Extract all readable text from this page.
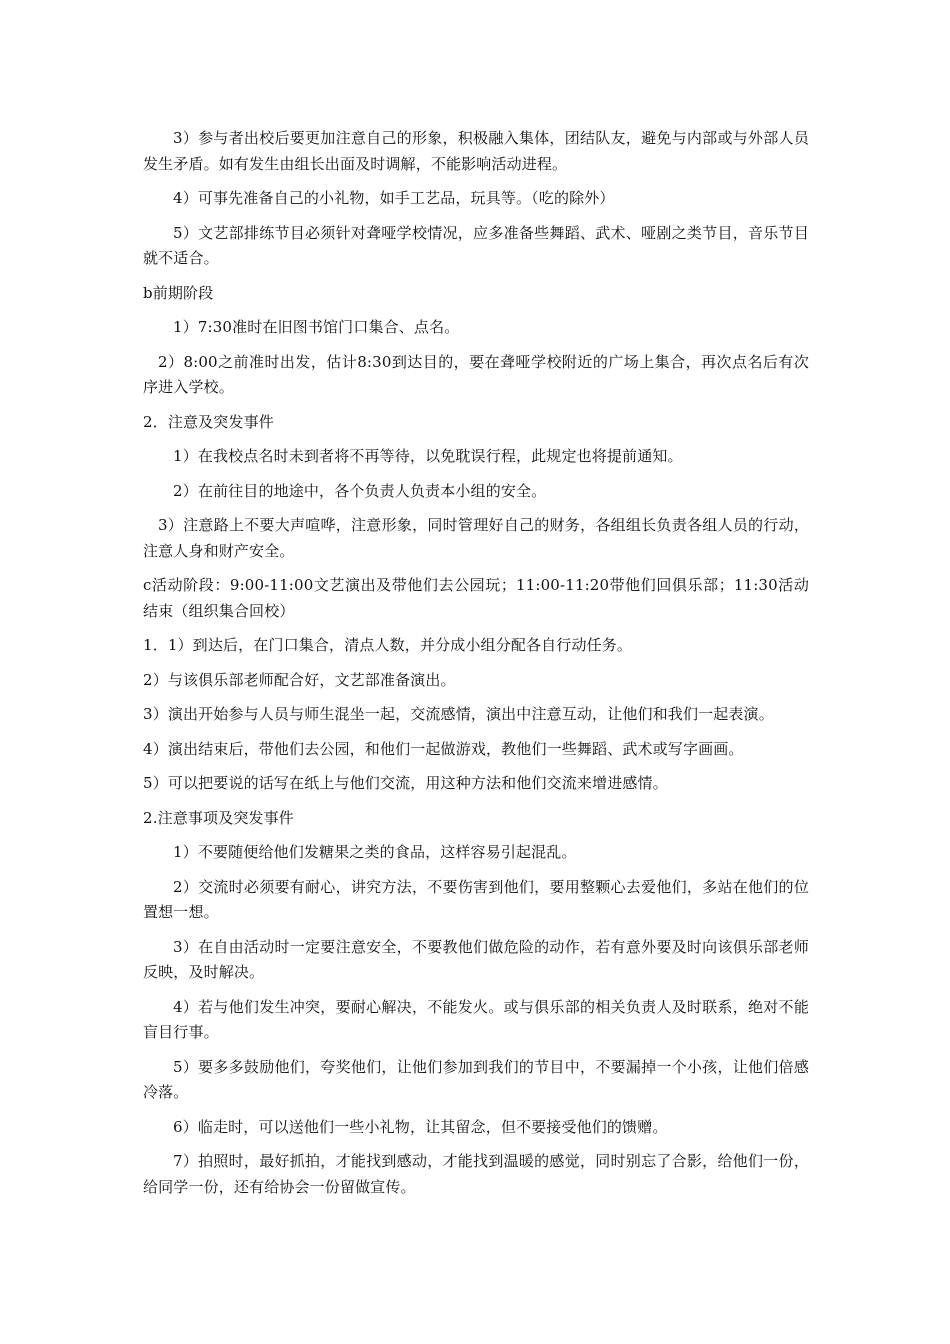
3）参与者出校后要更加注意自己的形象，积极融入集体，团结队友，避免与内部或与外部人员发生矛盾。如有发生由组长出面及时调解，不能影响活动进程。

4）可事先准备自己的小礼物，如手工艺品，玩具等。（吃的除外）

5）文艺部排练节目必须针对聋哑学校情况，应多准备些舞蹈、武术、哑剧之类节目，音乐节目就不适合。

b前期阶段

1）7:30准时在旧图书馆门口集合、点名。

2）8:00之前准时出发，估计8:30到达目的，要在聋哑学校附近的广场上集合，再次点名后有次序进入学校。

2．注意及突发事件

1）在我校点名时未到者将不再等待，以免耽误行程，此规定也将提前通知。

2）在前往目的地途中，各个负责人负责本小组的安全。

3）注意路上不要大声喧哗，注意形象，同时管理好自己的财务，各组组长负责各组人员的行动，注意人身和财产安全。

c活动阶段：9:00-11:00文艺演出及带他们去公园玩；11:00-11:20带他们回俱乐部；11:30活动结束（组织集合回校）

1．1）到达后，在门口集合，清点人数，并分成小组分配各自行动任务。

2）与该俱乐部老师配合好，文艺部准备演出。

3）演出开始参与人员与师生混坐一起，交流感情，演出中注意互动，让他们和我们一起表演。

4）演出结束后，带他们去公园，和他们一起做游戏，教他们一些舞蹈、武术或写字画画。

5）可以把要说的话写在纸上与他们交流，用这种方法和他们交流来增进感情。

2.注意事项及突发事件

1）不要随便给他们发糖果之类的食品，这样容易引起混乱。

2）交流时必须要有耐心，讲究方法，不要伤害到他们，要用整颗心去爱他们，多站在他们的位置想一想。

3）在自由活动时一定要注意安全，不要教他们做危险的动作，若有意外要及时向该俱乐部老师反映，及时解决。

4）若与他们发生冲突，要耐心解决，不能发火。或与俱乐部的相关负责人及时联系，绝对不能盲目行事。

5）要多多鼓励他们，夸奖他们，让他们参加到我们的节目中，不要漏掉一个小孩，让他们倍感冷落。

6）临走时，可以送他们一些小礼物，让其留念，但不要接受他们的馈赠。

7）拍照时，最好抓拍，才能找到感动，才能找到温暖的感觉，同时别忘了合影，给他们一份，给同学一份，还有给协会一份留做宣传。
